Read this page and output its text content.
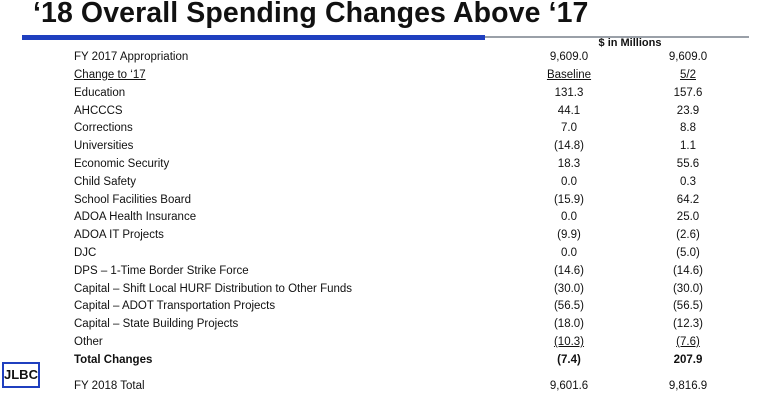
‘18 Overall Spending Changes Above ‘17
$ in Millions
FY 2017 Appropriation	9,609.0	9,609.0
Change to ‘17	Baseline	5/2
Education	131.3	157.6
AHCCCS	44.1	23.9
Corrections	7.0	8.8
Universities	(14.8)	1.1
Economic Security	18.3	55.6
Child Safety	0.0	0.3
School Facilities Board	(15.9)	64.2
ADOA Health Insurance	0.0	25.0
ADOA IT Projects	(9.9)	(2.6)
DJC	0.0	(5.0)
DPS – 1-Time Border Strike Force	(14.6)	(14.6)
Capital – Shift Local HURF Distribution to Other Funds	(30.0)	(30.0)
Capital – ADOT Transportation Projects	(56.5)	(56.5)
Capital – State Building Projects	(18.0)	(12.3)
Other	(10.3)	(7.6)
Total Changes	(7.4)	207.9
FY 2018 Total	9,601.6	9,816.9
JLBC
